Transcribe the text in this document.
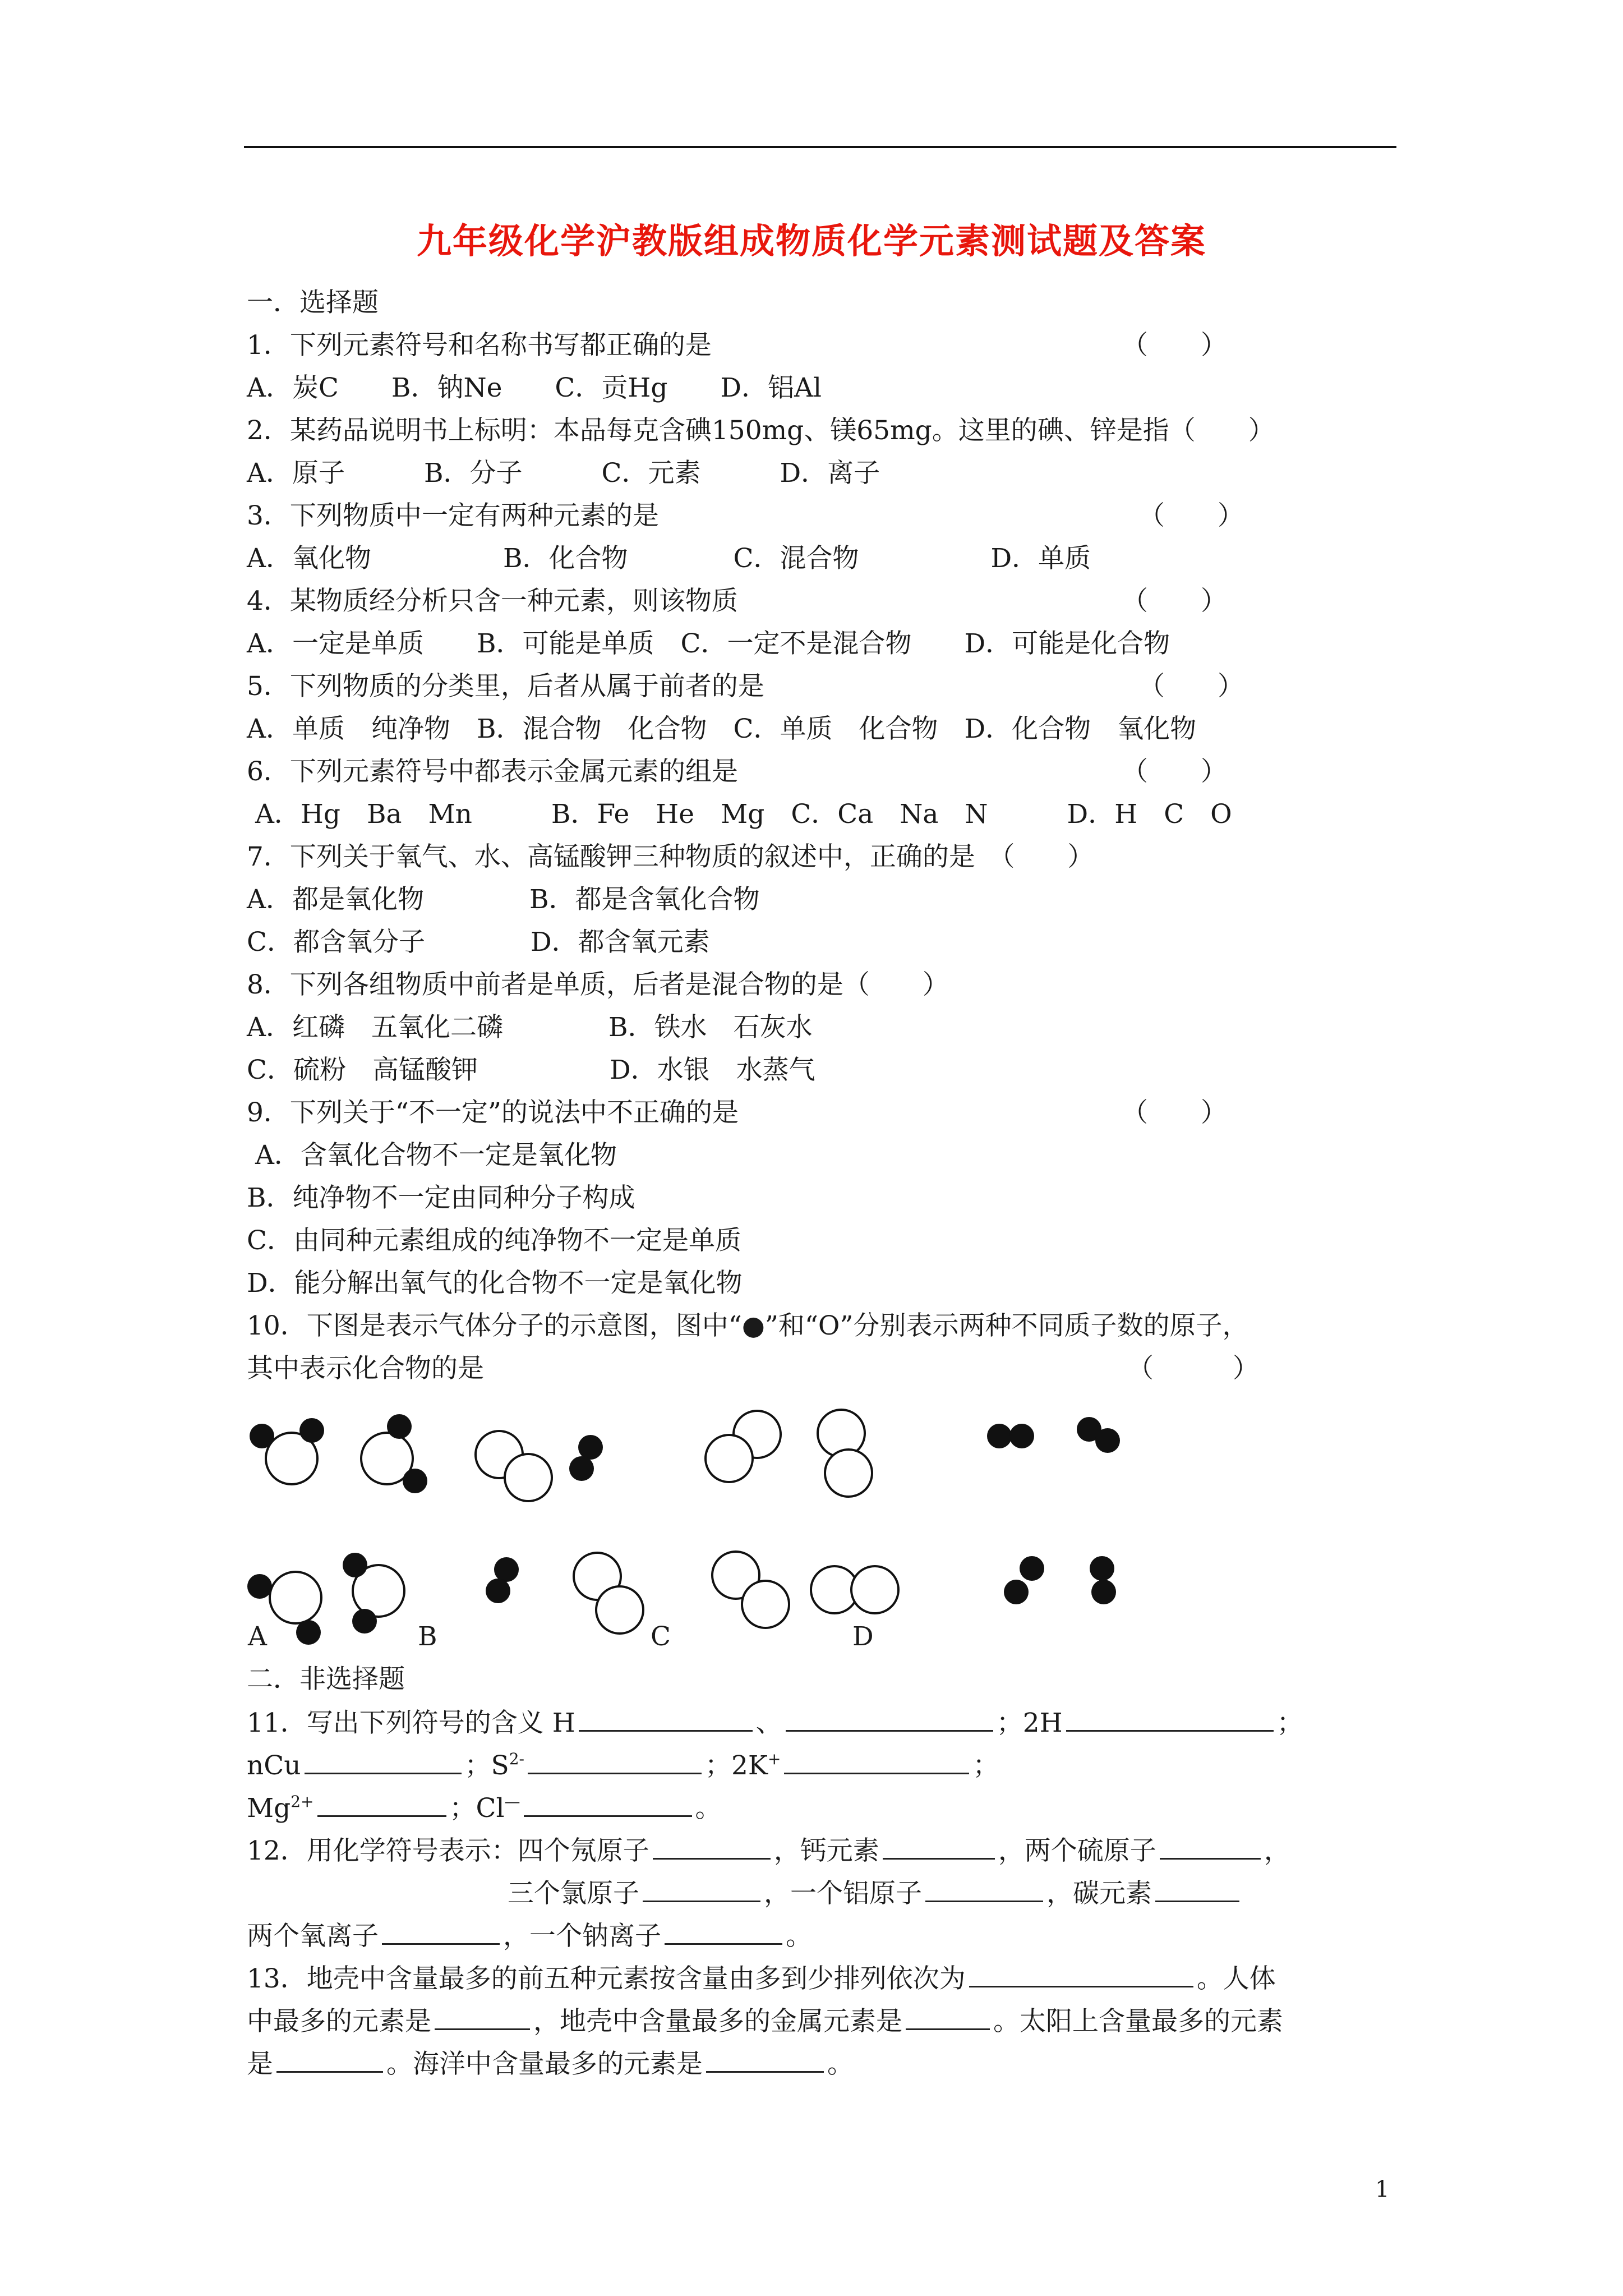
九年级化学沪教版组成物质化学元素测试题及答案
一．选择题
1．下列元素符号和名称书写都正确的是	（　　）
A．炭C　　B．钠Ne　　C．贡Hg　　D．铝Al
2．某药品说明书上标明：本品每克含碘150mg、镁65mg。这里的碘、锌是指（　　）
A．原子　　　B．分子　　　C．元素　　　D．离子
3．下列物质中一定有两种元素的是	（　　）
A．氧化物　　　　　B．化合物　　　　C．混合物　　　　　D．单质
4．某物质经分析只含一种元素，则该物质	（　　）
A．一定是单质　　B．可能是单质　C．一定不是混合物　　D．可能是化合物
5．下列物质的分类里，后者从属于前者的是	（　　）
A．单质　纯净物　B．混合物　化合物　C．单质　化合物　D．化合物　氧化物
6．下列元素符号中都表示金属元素的组是	（　　）
A．Hg　Ba　Mn　　　B．Fe　He　Mg　C．Ca　Na　N　　　D．H　C　O
7．下列关于氧气、水、高锰酸钾三种物质的叙述中，正确的是　（　　）
A．都是氧化物　　　　B．都是含氧化合物
C．都含氧分子　　　　D．都含氧元素
8．下列各组物质中前者是单质，后者是混合物的是（　　）
A．红磷　五氧化二磷　　　　B．铁水　石灰水
C．硫粉　高锰酸钾　　　　　D．水银　水蒸气
9．下列关于“不一定”的说法中不正确的是	（　　）
A．含氧化合物不一定是氧化物
B．纯净物不一定由同种分子构成
C．由同种元素组成的纯净物不一定是单质
D．能分解出氧气的化合物不一定是氧化物
10．下图是表示气体分子的示意图，图中“●”和“O”分别表示两种不同质子数的原子，
其中表示化合物的是	（　　　）
A	B	C	D
二．非选择题
11．写出下列符号的含义 H	、	；2H	；
nCu	；$S^{2-}$	；2K+	；
$Mg^{2+}$	；Cl—	。
12．用化学符号表示：四个氖原子	，钙元素	，两个硫原子	，
三个氯原子	，一个铝原子	，碳元素
两个氧离子	，一个钠离子	。
13．地壳中含量最多的前五种元素按含量由多到少排列依次为	。人体
中最多的元素是	，地壳中含量最多的金属元素是	。太阳上含量最多的元素
是	。海洋中含量最多的元素是	。
1
